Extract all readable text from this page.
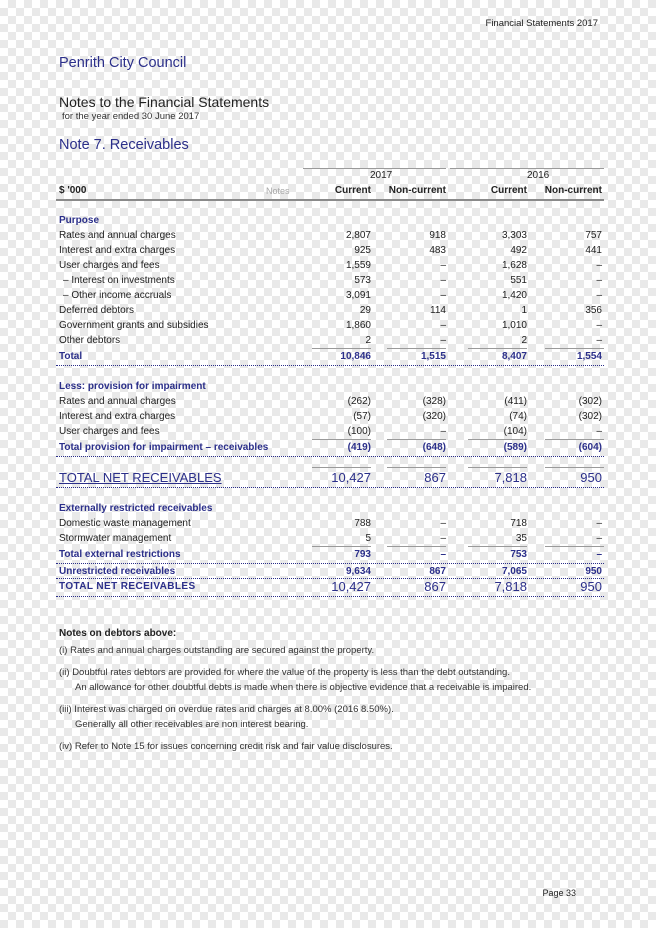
Financial Statements 2017
Penrith City Council
Notes to the Financial Statements
for the year ended 30 June 2017
Note 7. Receivables
2017	2016
$ '000	Notes	Current Non-current	Current Non-current
Purpose
Rates and annual charges	2,807	918	3,303	757
Interest and extra charges	925	483	492	441
User charges and fees	1,559	–	1,628	–
– Interest on investments	573	–	551	–
– Other income accruals	3,091	–	1,420	–
Deferred debtors	29	114	1	356
Government grants and subsidies	1,860	–	1,010	–
Other debtors	2	–	2	–
Total	10,846	1,515	8,407	1,554
Less: provision for impairment
Rates and annual charges	(262)	(328)	(411)	(302)
Interest and extra charges	(57)	(320)	(74)	(302)
User charges and fees	(100)	–	(104)	–
Total provision for impairment – receivables	(419)	(648)	(589)	(604)
TOTAL NET RECEIVABLES	10,427	867	7,818	950
Externally restricted receivables
Domestic waste management	788	–	718	–
Stormwater management	5	–	35	–
Total external restrictions	793	–	753	–
Unrestricted receivables	9,634	867	7,065	950
TOTAL NET RECEIVABLES	10,427	867	7,818	950
Notes on debtors above:
(i) Rates and annual charges outstanding are secured against the property.
(ii) Doubtful rates debtors are provided for where the value of the property is less than the debt outstanding.
An allowance for other doubtful debts is made when there is objective evidence that a receivable is impaired.
(iii) Interest was charged on overdue rates and charges at 8.00% (2016 8.50%).
Generally all other receivables are non interest bearing.
(iv) Refer to Note 15 for issues concerning credit risk and fair value disclosures.
Page 33
